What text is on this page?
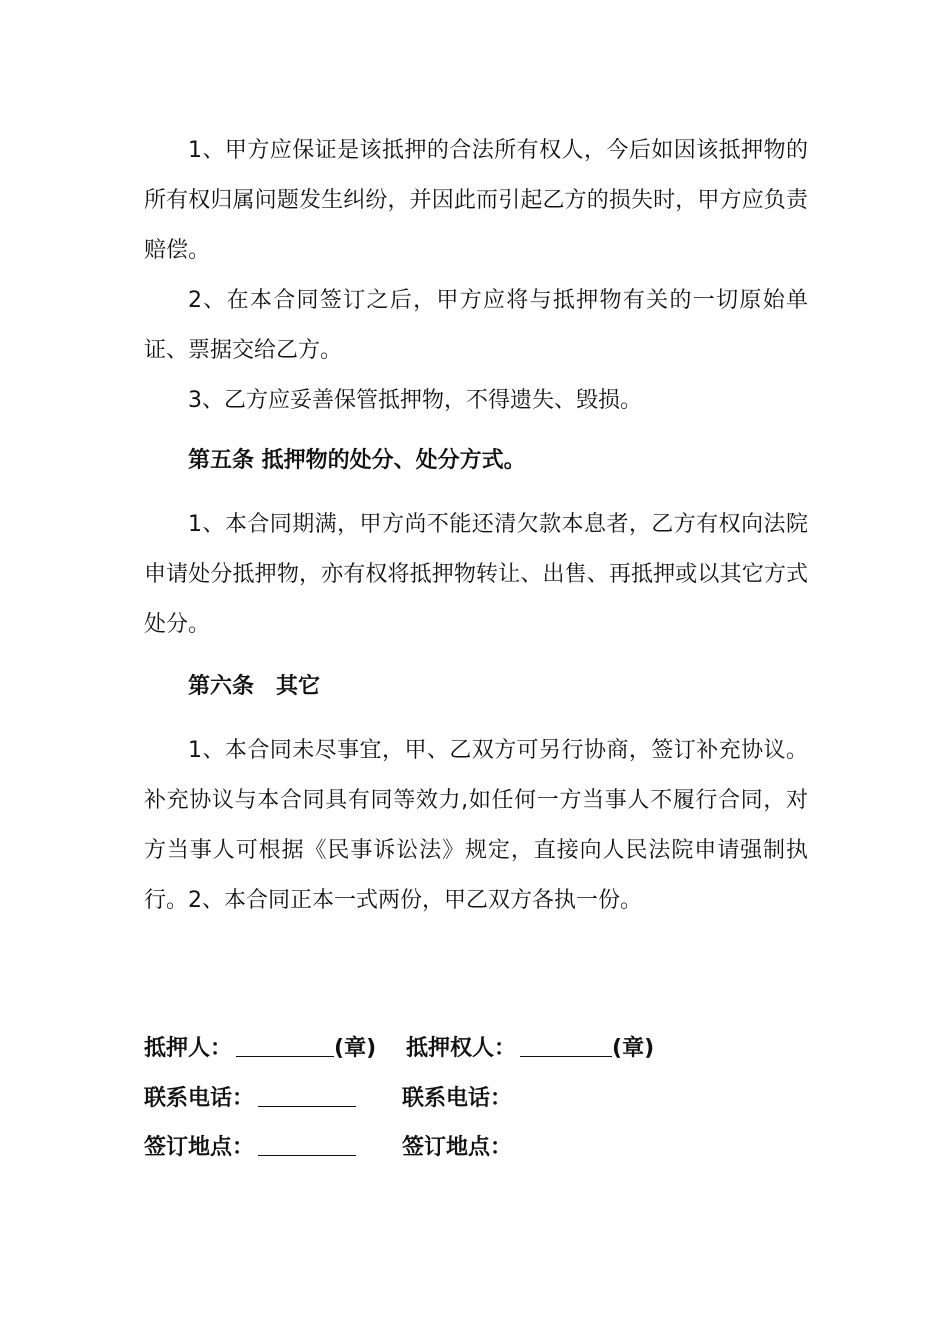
1、甲方应保证是该抵押的合法所有权人，今后如因该抵押物的所有权归属问题发生纠纷，并因此而引起乙方的损失时，甲方应负责赔偿。

2、在本合同签订之后，甲方应将与抵押物有关的一切原始单证、票据交给乙方。

3、乙方应妥善保管抵押物，不得遗失、毁损。

第五条 抵押物的处分、处分方式。

1、本合同期满，甲方尚不能还清欠款本息者，乙方有权向法院申请处分抵押物，亦有权将抵押物转让、出售、再抵押或以其它方式处分。

第六条　其它

1、本合同未尽事宜，甲、乙双方可另行协商，签订补充协议。补充协议与本合同具有同等效力,如任何一方当事人不履行合同，对方当事人可根据《民事诉讼法》规定，直接向人民法院申请强制执行。 2、本合同正本一式两份，甲乙双方各执一份。

抵押人：	(章) 抵押权人：	(章)
联系电话：	联系电话：
签订地点：	签订地点：
